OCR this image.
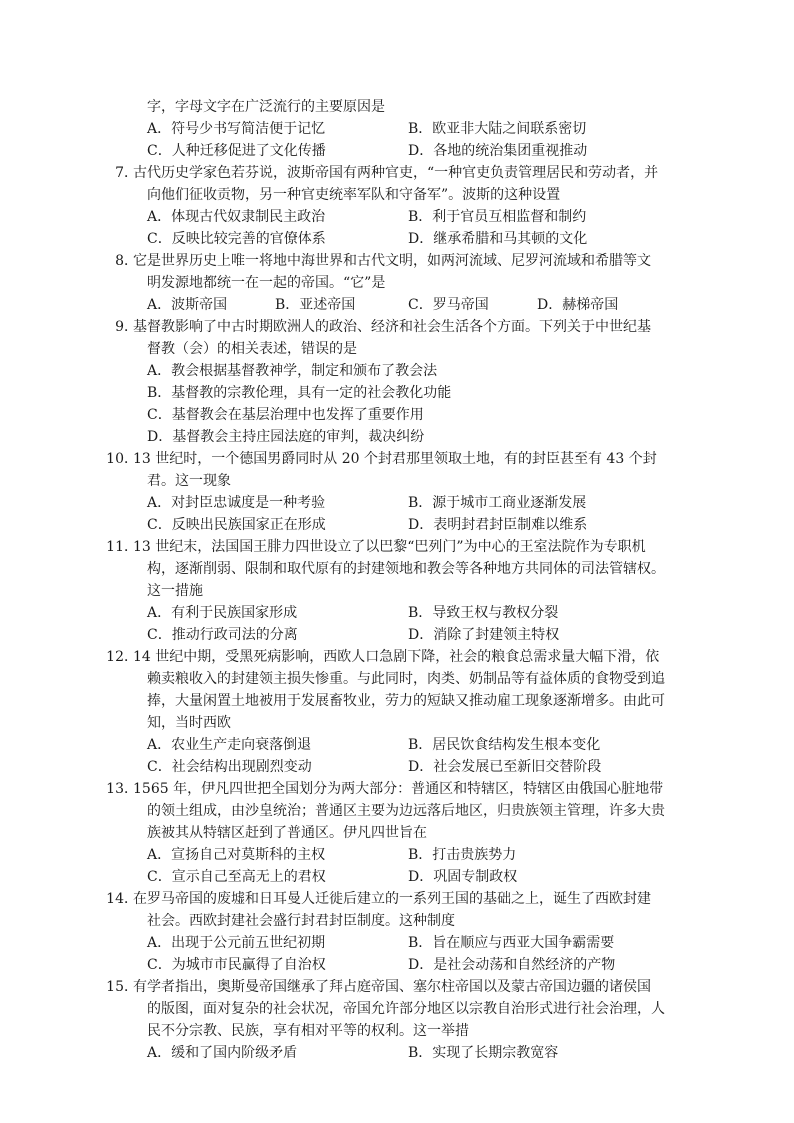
字，字母文字在广泛流行的主要原因是
A．符号少书写简洁便于记忆	B．欧亚非大陆之间联系密切
C．人种迁移促进了文化传播	D．各地的统治集团重视推动
7．
古代历史学家色若芬说，波斯帝国有两种官吏，“一种官吏负责管理居民和劳动者，并
向他们征收贡物，另一种官吏统率军队和守备军”。波斯的这种设置
A．体现古代奴隶制民主政治	B．利于官员互相监督和制约
C．反映比较完善的官僚体系	D．继承希腊和马其顿的文化
8．
它是世界历史上唯一将地中海世界和古代文明，如两河流域、尼罗河流域和希腊等文
明发源地都统一在一起的帝国。“它”是
A．波斯帝国	B．亚述帝国	C．罗马帝国	D．赫梯帝国
9．
基督教影响了中古时期欧洲人的政治、经济和社会生活各个方面。下列关于中世纪基
督教（会）的相关表述，错误的是
A．教会根据基督教神学，制定和颁布了教会法
B．基督教的宗教伦理，具有一定的社会教化功能
C．基督教会在基层治理中也发挥了重要作用
D．基督教会主持庄园法庭的审判，裁决纠纷
10．
13 世纪时，一个德国男爵同时从 20 个封君那里领取土地，有的封臣甚至有 43 个封
君。这一现象
A．对封臣忠诚度是一种考验	B．源于城市工商业逐渐发展
C．反映出民族国家正在形成	D．表明封君封臣制难以维系
11．
13 世纪末，法国国王腓力四世设立了以巴黎“巴列门”为中心的王室法院作为专职机
构，逐渐削弱、限制和取代原有的封建领地和教会等各种地方共同体的司法管辖权。
这一措施
A．有利于民族国家形成	B．导致王权与教权分裂
C．推动行政司法的分离	D．消除了封建领主特权
12．
14 世纪中期，受黑死病影响，西欧人口急剧下降，社会的粮食总需求量大幅下滑，依
赖卖粮收入的封建领主损失惨重。与此同时，肉类、奶制品等有益体质的食物受到追
捧，大量闲置土地被用于发展畜牧业，劳力的短缺又推动雇工现象逐渐增多。由此可
知，当时西欧
A．农业生产走向衰落倒退	B．居民饮食结构发生根本变化
C．社会结构出现剧烈变动	D．社会发展已至新旧交替阶段
13．
1565 年，伊凡四世把全国划分为两大部分：普通区和特辖区，特辖区由俄国心脏地带
的领土组成，由沙皇统治；普通区主要为边远落后地区，归贵族领主管理，许多大贵
族被其从特辖区赶到了普通区。伊凡四世旨在
A．宣扬自己对莫斯科的主权	B．打击贵族势力
C．宣示自己至高无上的君权	D．巩固专制政权
14．
在罗马帝国的废墟和日耳曼人迁徙后建立的一系列王国的基础之上，诞生了西欧封建
社会。西欧封建社会盛行封君封臣制度。这种制度
A．出现于公元前五世纪初期	B．旨在顺应与西亚大国争霸需要
C．为城市市民赢得了自治权	D．是社会动荡和自然经济的产物
15．
有学者指出，奥斯曼帝国继承了拜占庭帝国、塞尔柱帝国以及蒙古帝国边疆的诸侯国
的版图，面对复杂的社会状况，帝国允许部分地区以宗教自治形式进行社会治理，人
民不分宗教、民族，享有相对平等的权利。这一举措
A．缓和了国内阶级矛盾	B．实现了长期宗教宽容
